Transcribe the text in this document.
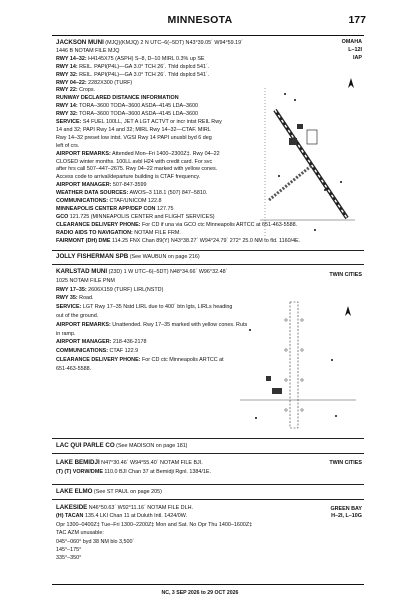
MINNESOTA	177
JACKSON MUNI (MJQ)(KMJQ) 2 N UTC–6(–5DT) N43°39.05´ W94°59.19´
1446 B NOTAM FILE MJQ
RWY 14–32: H4145X75 (ASPH) S–8, D–10 MIRL 0.3% up SE
RWY 14: REIL. PAPI(P4L)—GA 3.0° TCH 26´. Thld dsplcd 541´.
RWY 32: REIL. PAPI(P4L)—GA 3.0° TCH 26´. Thld dsplcd 541´.
RWY 04–22: 2282X300 (TURF)
RWY 22: Crops.
RUNWAY DECLARED DISTANCE INFORMATION
RWY 14: TORA–3600 TODA–3600 ASDA–4145 LDA–3600
RWY 32: TORA–3600 TODA–3600 ASDA–4145 LDA–3600
SERVICE: S4 FUEL 100LL, JET A LGT ACTVT or incr intst REIL Rwy
14 and 32; PAPI Rwy 14 and 32; MIRL Rwy 14–32—CTAF. MIRL
Rwy 14–32 preset low intst. VGSI Rwy 14 PAPI unusbl byd 6 deg
left of crs.
AIRPORT REMARKS: Attended Mon–Fri 1400–2300Z‡. Rwy 04–22
CLOSED winter months. 100LL avbl H24 with credit card. For svc
after hrs call 507–447–2675. Rwy 04–22 marked with yellow cones.
Access code to arrival/departure building is CTAF frequency.
AIRPORT MANAGER: 507-847-3599
WEATHER DATA SOURCES: AWOS–3 118.1 (507) 847–5810.
COMMUNICATIONS: CTAF/UNICOM 122.8
MINNEAPOLIS CENTER APP/DEP CON 127.75
GCO 121.725 (MINNEAPOLIS CENTER and FLIGHT SERVICES)
CLEARANCE DELIVERY PHONE: For CD if una via GCO ctc Minneapolis ARTCC at 651-463-5588.
RADIO AIDS TO NAVIGATION: NOTAM FILE FRM.
FAIRMONT (DH) DME 114.25 FNX Chan 89(Y) N43°38.27´ W94°24.79´ 272° 25.0 NM to fld. 1160/4E.
OMAHA
L–12I
IAP
JOLLY FISHERMAN SPB (See WAUBUN on page 216)
KARLSTAD MUNI (23D) 1 W UTC–6(–5DT) N48°34.66´ W96°32.48´
1025 NOTAM FILE PNM
RWY 17–35: 2606X159 (TURF) LIRL(NSTD)
RWY 35: Road.
SERVICE: LGT Rwy 17–35 Nstd LIRL due to 400´ btn lgts, LIRLs heading
out of the ground.
AIRPORT REMARKS: Unattended. Rwy 17–35 marked with yellow cones. Ruts
in ramp.
AIRPORT MANAGER: 218-436-2178
COMMUNICATIONS: CTAF 122.9
CLEARANCE DELIVERY PHONE: For CD ctc Minneapolis ARTCC at
651-463-5588.
TWIN CITIES
LAC QUI PARLE CO (See MADISON on page 181)
LAKE BEMIDJI N47°30.46´ W94°55.40´ NOTAM FILE BJI.
(T) (T) VORW/DME 110.0 BJI Chan 37 at Bemidji Rgnl. 1384/1E.
TWIN CITIES
LAKE ELMO (See ST PAUL on page 205)
LAKESIDE N46°50.63´ W92°11.16´ NOTAM FILE DLH.
(H) TACAN 135.4 LKI Chan 11 at Duluth Intl. 1424/0W.
Opr 1300–0400Z‡ Tue–Fri 1300–2200Z‡ Mon and Sat. No Opr Thu 1400–1600Z‡
TAC AZM unusable:
045°–060° byd 38 NM blo 3,500´
145°–175°
335°–350°
GREEN BAY
H–2I, L–10G
NC, 3 SEP 2026 to 29 OCT 2026
